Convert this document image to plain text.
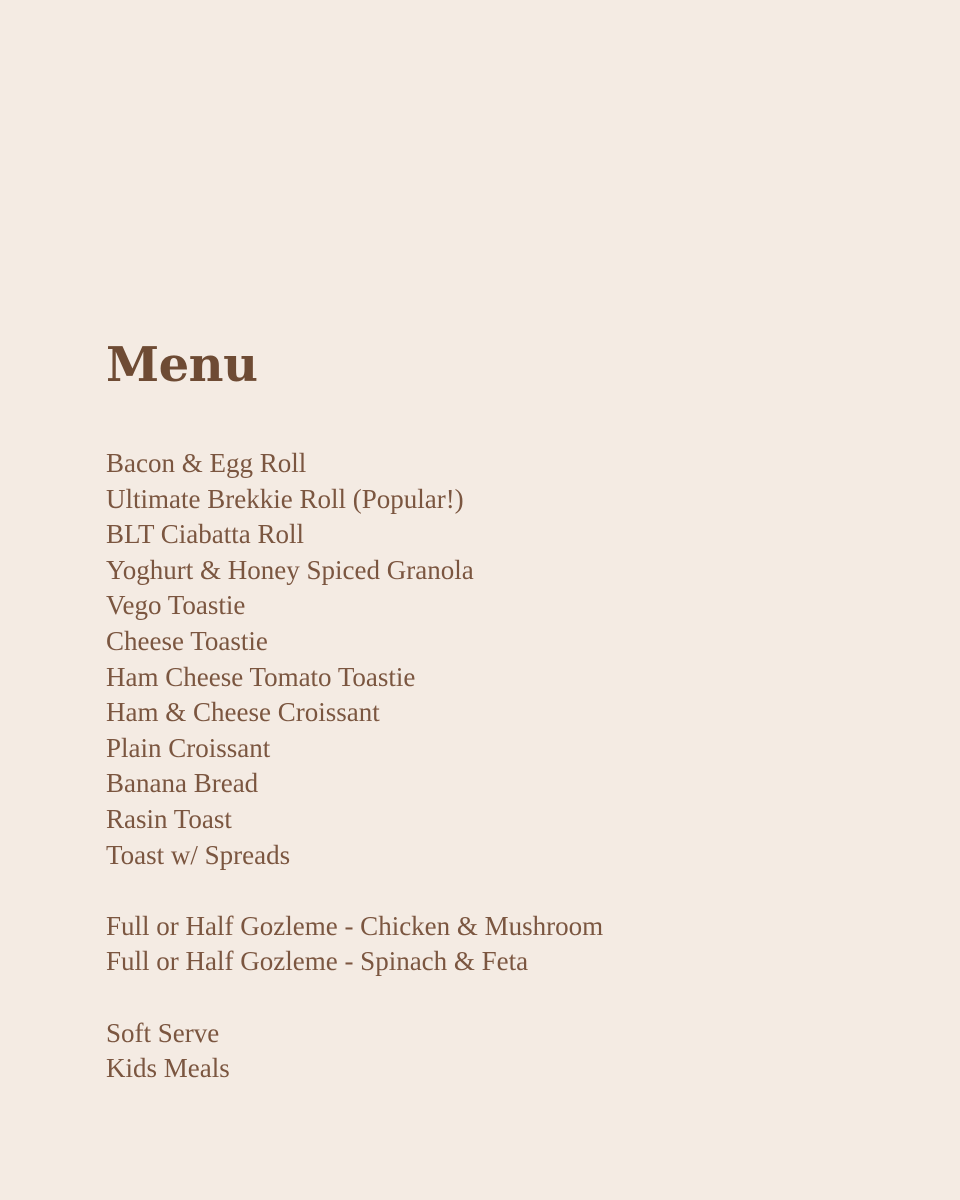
Menu
Bacon & Egg Roll
Ultimate Brekkie Roll (Popular!)
BLT Ciabatta Roll
Yoghurt & Honey Spiced Granola
Vego Toastie
Cheese Toastie
Ham Cheese Tomato Toastie
Ham & Cheese Croissant
Plain Croissant
Banana Bread
Rasin Toast
Toast w/ Spreads
Full or Half Gozleme - Chicken & Mushroom
Full or Half Gozleme - Spinach & Feta
Soft Serve
Kids Meals
